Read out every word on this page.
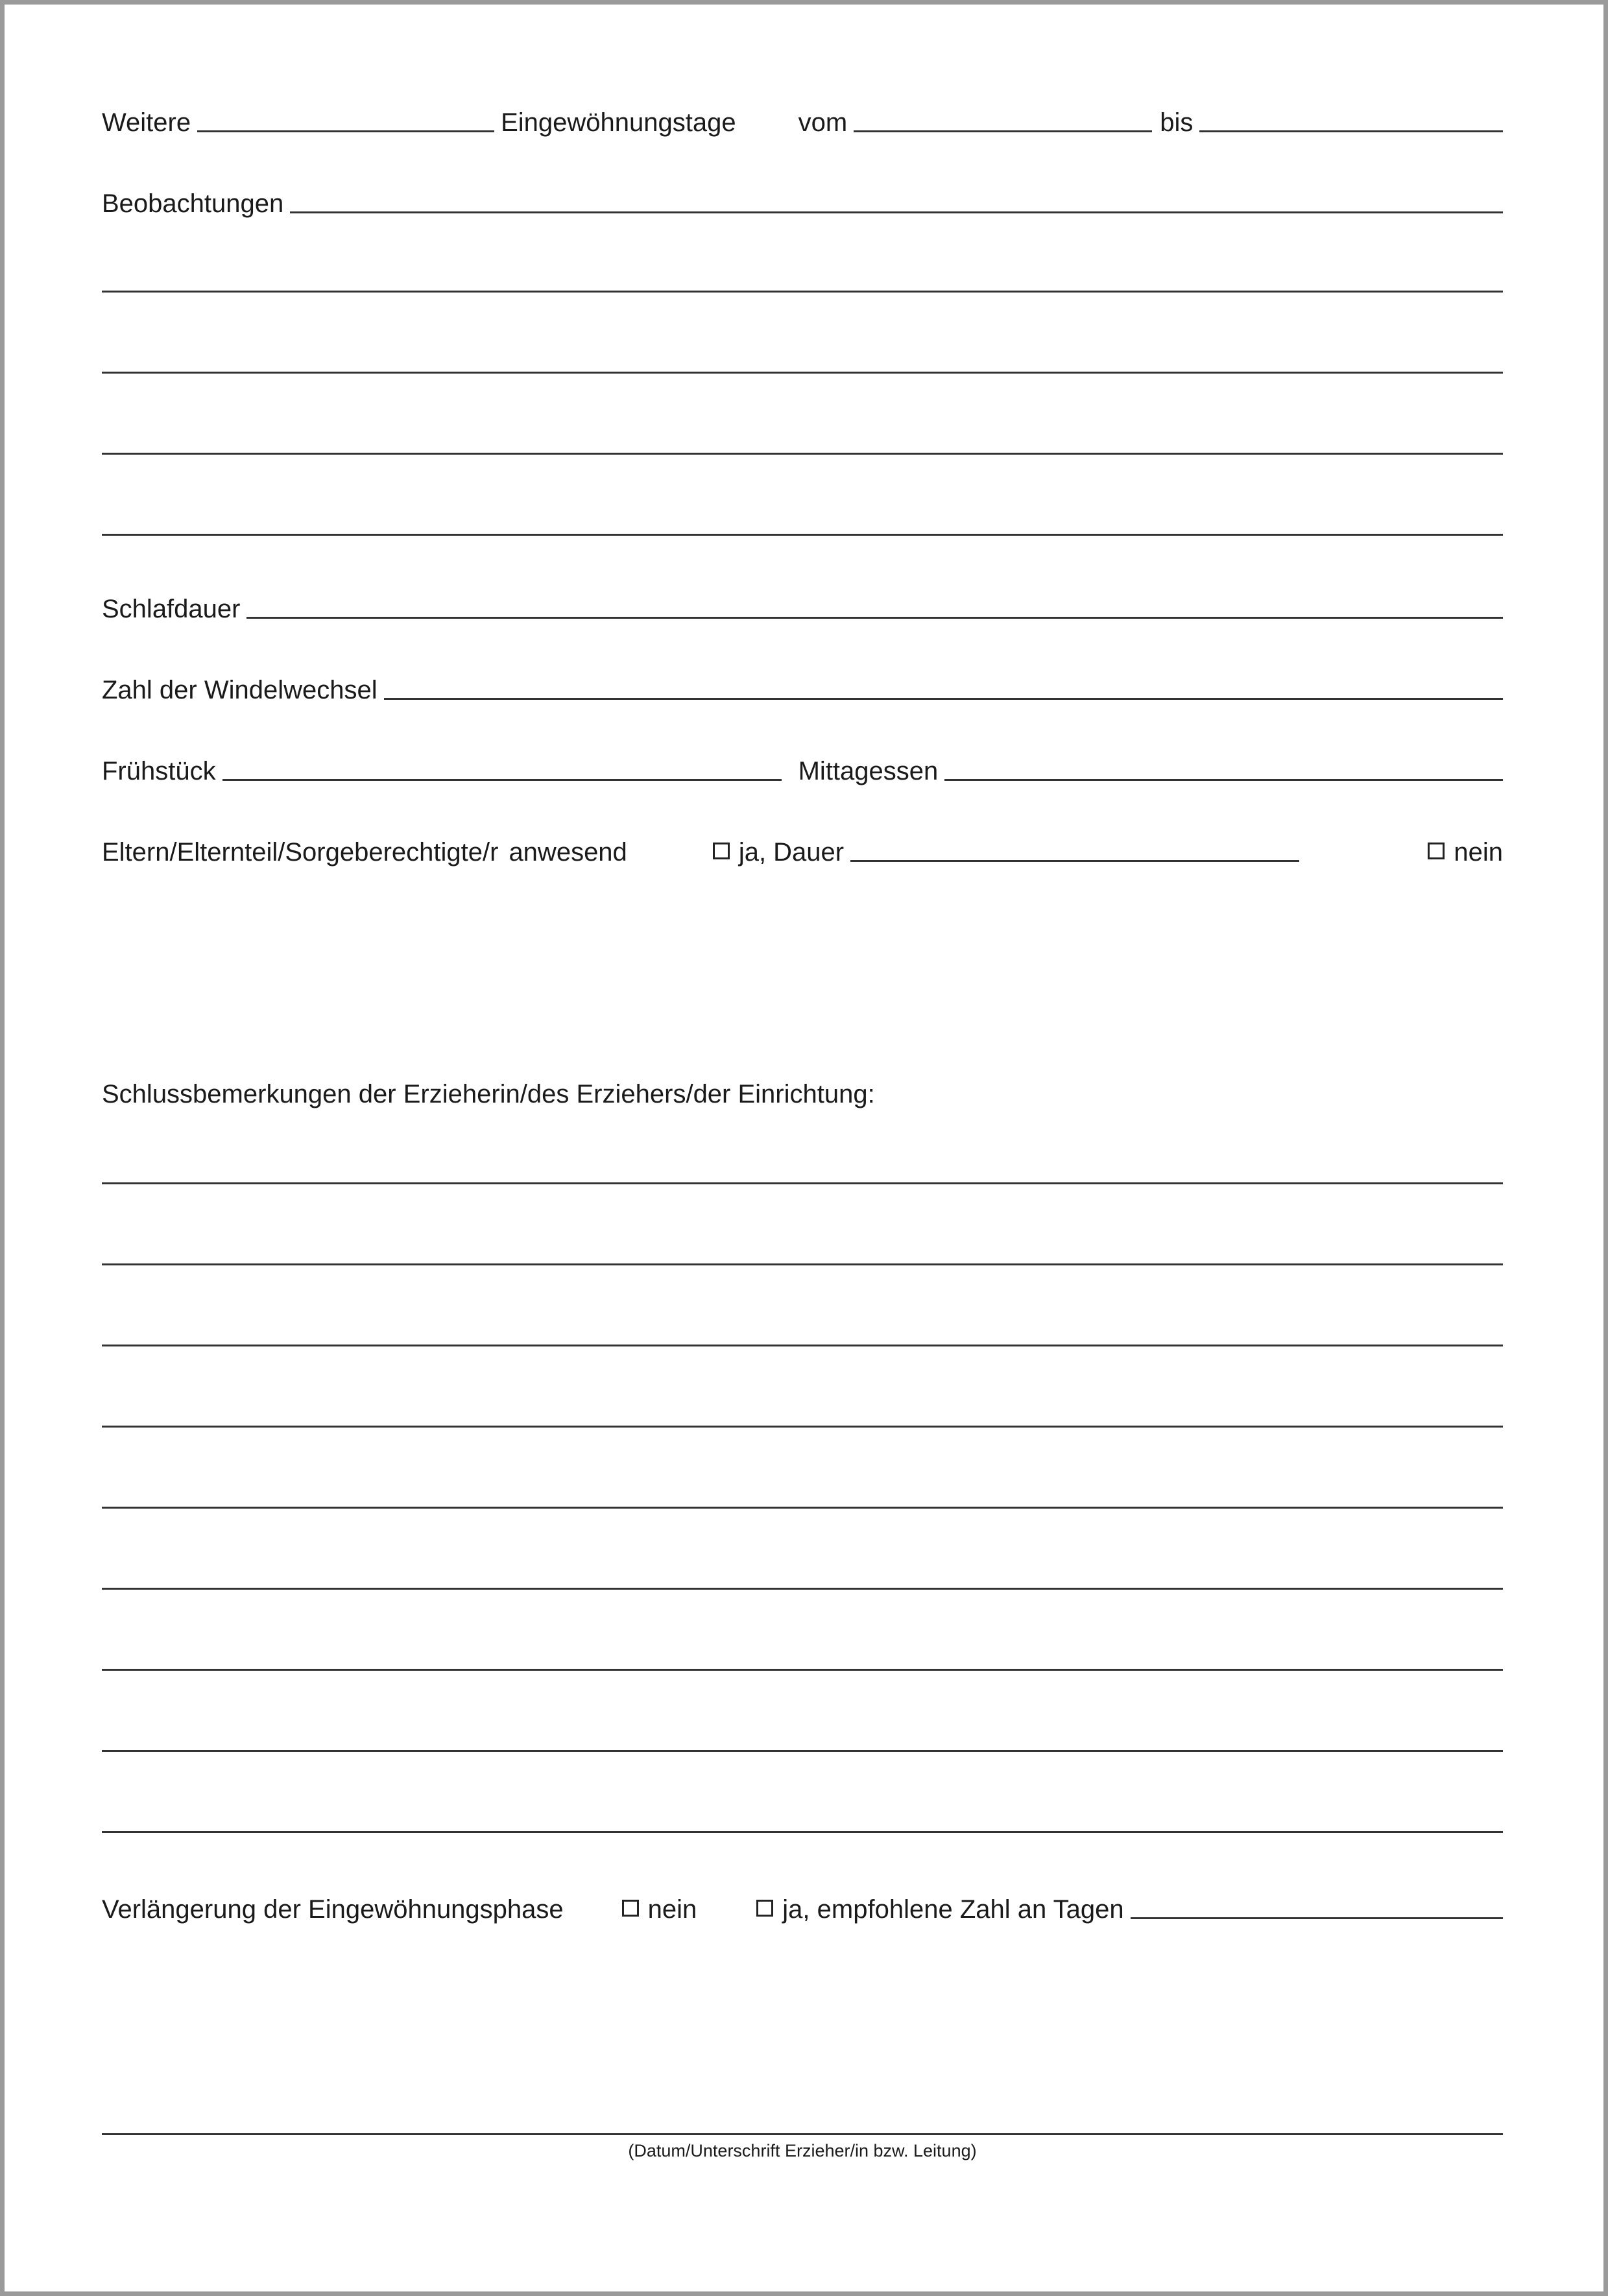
Weitere	Eingewöhnungstage vom	bis
Beobachtungen
Schlafdauer
Zahl der Windelwechsel
Frühstück	Mittagessen
Eltern/Elternteil/Sorgeberechtigte/r anwesend	ja, Dauer	nein
Schlussbemerkungen der Erzieherin/des Erziehers/der Einrichtung:
Verlängerung der Eingewöhnungsphase	nein	ja, empfohlene Zahl an Tagen
(Datum/Unterschrift Erzieher/in bzw. Leitung)
